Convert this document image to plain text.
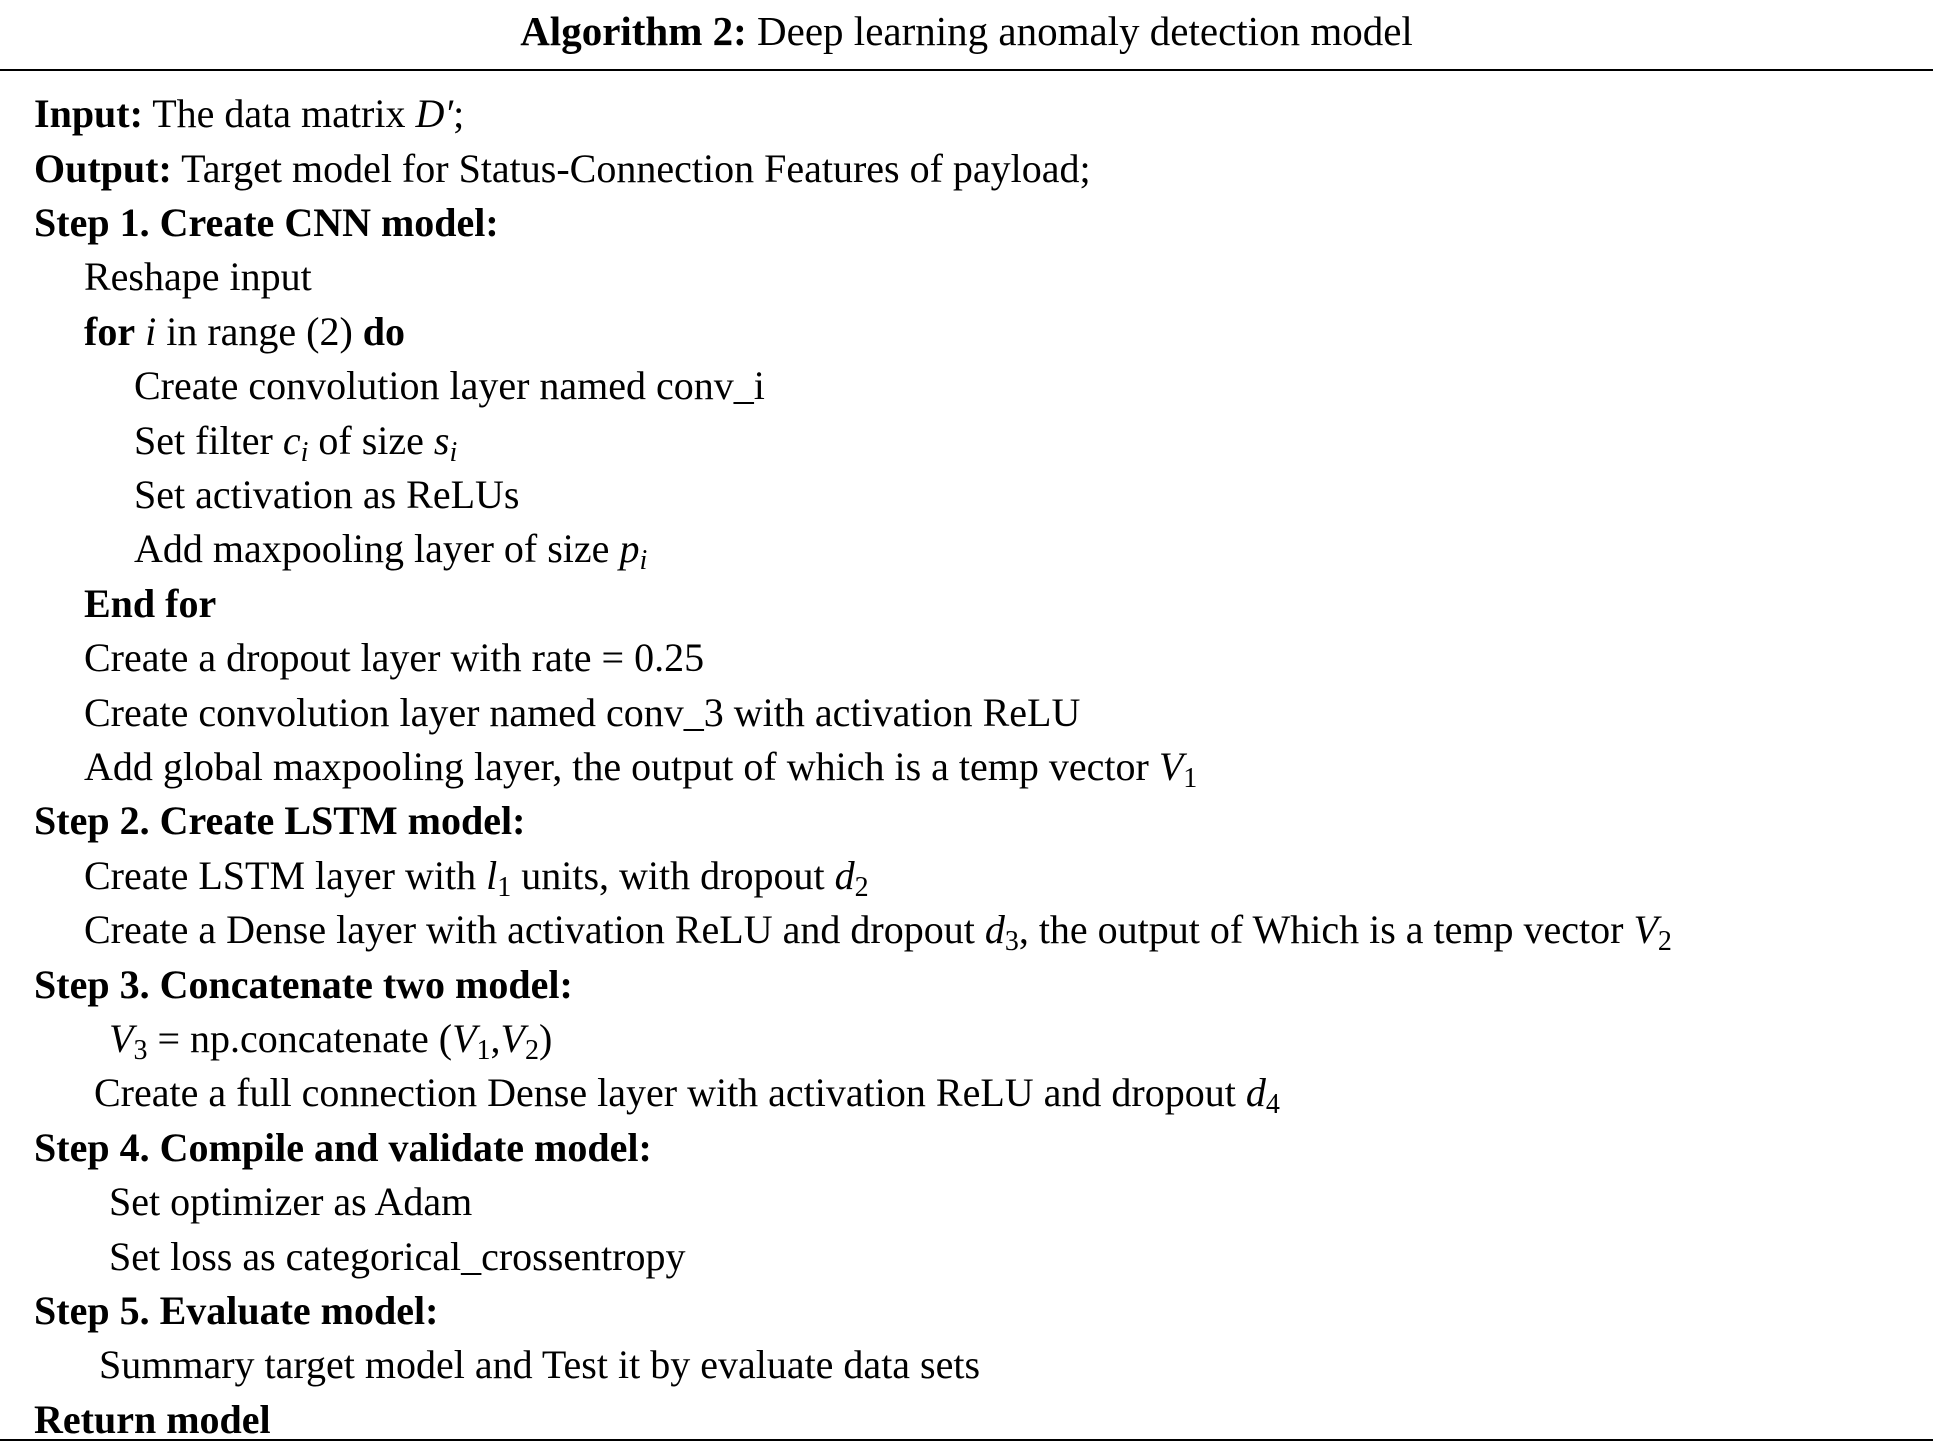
Algorithm 2: Deep learning anomaly detection model
Input: The data matrix D′;
Output: Target model for Status-Connection Features of payload;
Step 1. Create CNN model:
Reshape input
for i in range (2) do
Create convolution layer named conv_i
Set filter $c_i$ of size $s_i$
Set activation as ReLUs
Add maxpooling layer of size $p_i$
End for
Create a dropout layer with rate = 0.25
Create convolution layer named conv_3 with activation ReLU
Add global maxpooling layer, the output of which is a temp vector $V_1$
Step 2. Create LSTM model:
Create LSTM layer with $l_1$ units, with dropout $d_2$
Create a Dense layer with activation ReLU and dropout $d_3$, the output of Which is a temp vector $V_2$
Step 3. Concatenate two model:
$V_3$ = np.concatenate $(V_1,V_2)$
Create a full connection Dense layer with activation ReLU and dropout $d_4$
Step 4. Compile and validate model:
Set optimizer as Adam
Set loss as categorical_crossentropy
Step 5. Evaluate model:
Summary target model and Test it by evaluate data sets
Return model
